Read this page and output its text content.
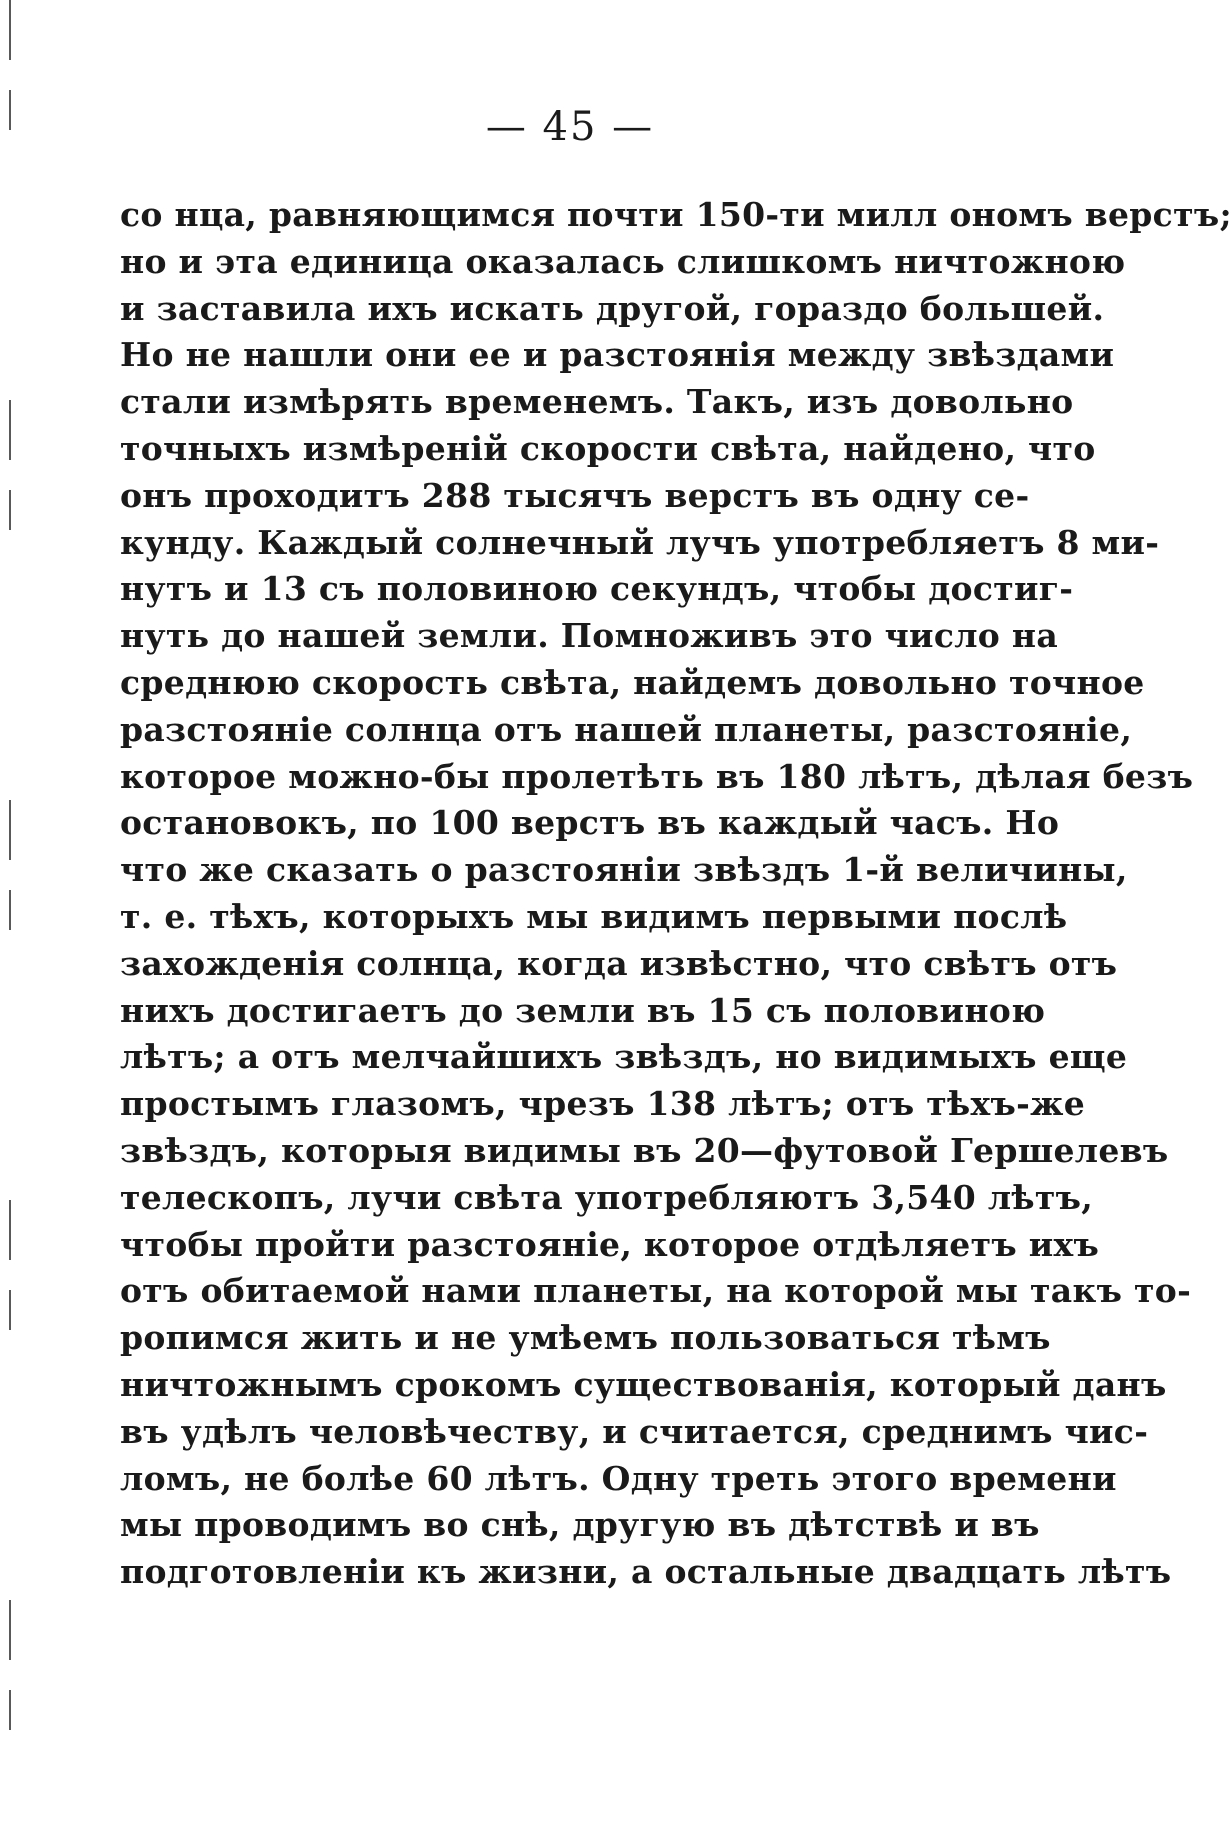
— 45 —
со нца, равняющимся почти 150-ти милл ономъ верстъ;
но и эта единица оказалась слишкомъ ничтожною
и заставила ихъ искать другой, гораздо большей.
Но не нашли они ее и разстоянія между звѣздами
стали измѣрять временемъ. Такъ, изъ довольно
точныхъ измѣреній скорости свѣта, найдено, что
онъ проходитъ 288 тысячъ верстъ въ одну се-
кунду. Каждый солнечный лучъ употребляетъ 8 ми-
нутъ и 13 съ половиною секундъ, чтобы достиг-
нуть до нашей земли. Помноживъ это число на
среднюю скорость свѣта, найдемъ довольно точное
разстояніе солнца отъ нашей планеты, разстояніе,
которое можно-бы пролетѣть въ 180 лѣтъ, дѣлая безъ
остановокъ, по 100 верстъ въ каждый часъ. Но
что же сказать о разстояніи звѣздъ 1-й величины,
т. е. тѣхъ, которыхъ мы видимъ первыми послѣ
захожденія солнца, когда извѣстно, что свѣтъ отъ
нихъ достигаетъ до земли въ 15 съ половиною
лѣтъ; а отъ мелчайшихъ звѣздъ, но видимыхъ еще
простымъ глазомъ, чрезъ 138 лѣтъ; отъ тѣхъ-же
звѣздъ, которыя видимы въ 20—футовой Гершелевъ
телескопъ, лучи свѣта употребляютъ 3,540 лѣтъ,
чтобы пройти разстояніе, которое отдѣляетъ ихъ
отъ обитаемой нами планеты, на которой мы такъ то-
ропимся жить и не умѣемъ пользоваться тѣмъ
ничтожнымъ срокомъ существованія, который данъ
въ удѣлъ человѣчеству, и считается, среднимъ чис-
ломъ, не болѣе 60 лѣтъ. Одну треть этого времени
мы проводимъ во снѣ, другую въ дѣтствѣ и въ
подготовленіи къ жизни, а остальные двадцать лѣтъ
